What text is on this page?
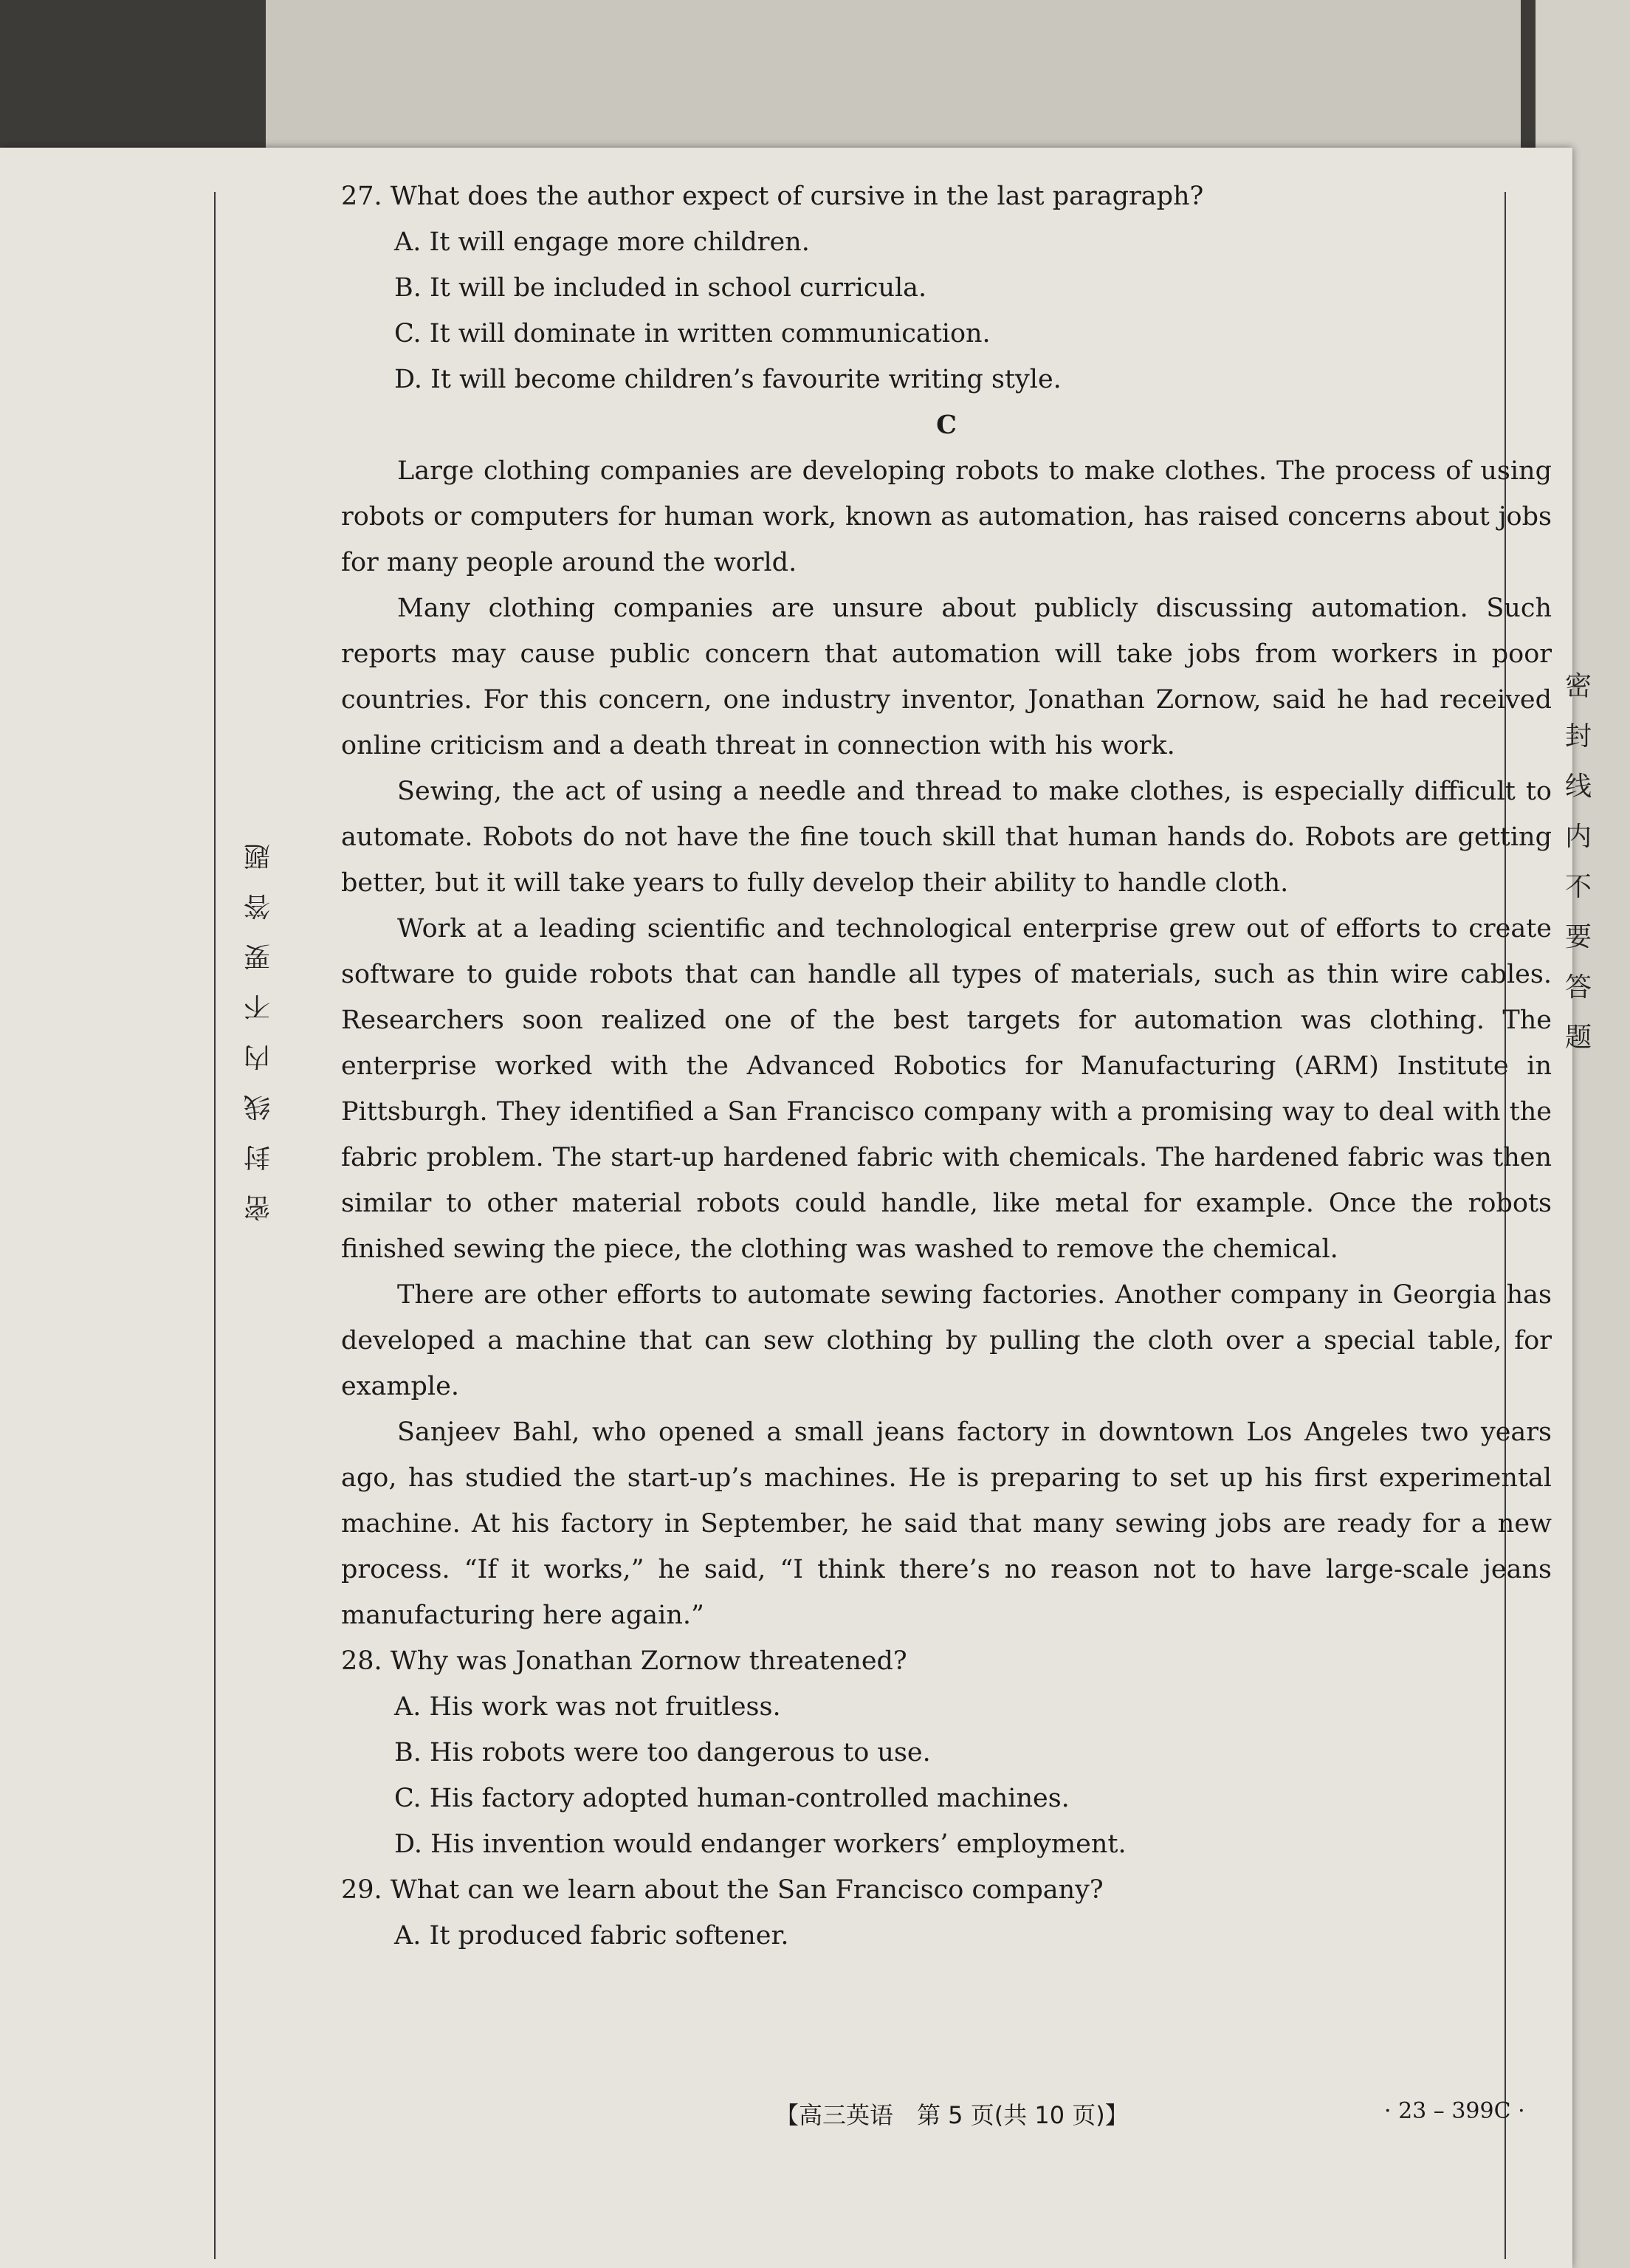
密
封
线
内
不
要
答
题
密
封
线
内
不
要
答
题

27. What does the author expect of cursive in the last paragraph?

A. It will engage more children.

B. It will be included in school curricula.

C. It will dominate in written communication.

D. It will become children’s favourite writing style.

C

Large clothing companies are developing robots to make clothes. The process of using robots or computers for human work, known as automation, has raised concerns about jobs for many people around the world.

Many clothing companies are unsure about publicly discussing automation. Such reports may cause public concern that automation will take jobs from workers in poor countries. For this concern, one industry inventor, Jonathan Zornow, said he had received online criticism and a death threat in connection with his work.

Sewing, the act of using a needle and thread to make clothes, is especially difficult to automate. Robots do not have the fine touch skill that human hands do. Robots are getting better, but it will take years to fully develop their ability to handle cloth.

Work at a leading scientific and technological enterprise grew out of efforts to create software to guide robots that can handle all types of materials, such as thin wire cables. Researchers soon realized one of the best targets for automation was clothing. The enterprise worked with the Advanced Robotics for Manufacturing (ARM) Institute in Pittsburgh. They identified a San Francisco company with a promising way to deal with the fabric problem. The start-up hardened fabric with chemicals. The hardened fabric was then similar to other material robots could handle, like metal for example. Once the robots finished sewing the piece, the clothing was washed to remove the chemical.

There are other efforts to automate sewing factories. Another company in Georgia has developed a machine that can sew clothing by pulling the cloth over a special table, for example.

Sanjeev Bahl, who opened a small jeans factory in downtown Los Angeles two years ago, has studied the start-up’s machines. He is preparing to set up his first experimental machine. At his factory in September, he said that many sewing jobs are ready for a new process. “If it works,” he said, “I think there’s no reason not to have large-scale jeans manufacturing here again.”

28. Why was Jonathan Zornow threatened?

A. His work was not fruitless.

B. His robots were too dangerous to use.

C. His factory adopted human-controlled machines.

D. His invention would endanger workers’ employment.

29. What can we learn about the San Francisco company?

A. It produced fabric softener.

【高三英语　第 5 页(共 10 页)】	· 23 – 399C ·
